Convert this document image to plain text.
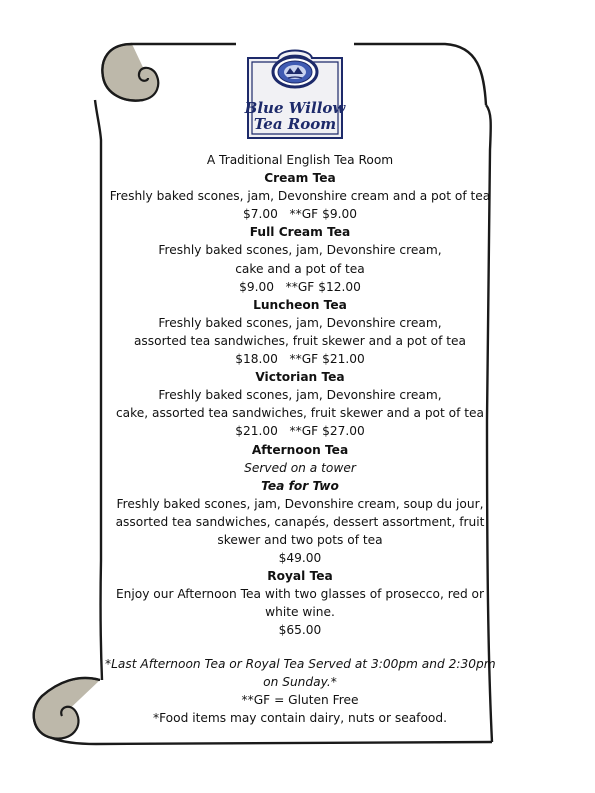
Blue Willow
Tea Room
A Traditional English Tea Room
Cream Tea
Freshly baked scones, jam, Devonshire cream and a pot of tea
$7.00 **GF $9.00
Full Cream Tea
Freshly baked scones, jam, Devonshire cream,
cake and a pot of tea
$9.00 **GF $12.00
Luncheon Tea
Freshly baked scones, jam, Devonshire cream,
assorted tea sandwiches, fruit skewer and a pot of tea
$18.00 **GF $21.00
Victorian Tea
Freshly baked scones, jam, Devonshire cream,
cake, assorted tea sandwiches, fruit skewer and a pot of tea
$21.00 **GF $27.00
Afternoon Tea
Served on a tower
Tea for Two
Freshly baked scones, jam, Devonshire cream, soup du jour,
assorted tea sandwiches, canapés, dessert assortment, fruit
skewer and two pots of tea
$49.00
Royal Tea
Enjoy our Afternoon Tea with two glasses of prosecco, red or
white wine.
$65.00
*Last Afternoon Tea or Royal Tea Served at 3:00pm and 2:30pm
on Sunday.*
**GF = Gluten Free
*Food items may contain dairy, nuts or seafood.
